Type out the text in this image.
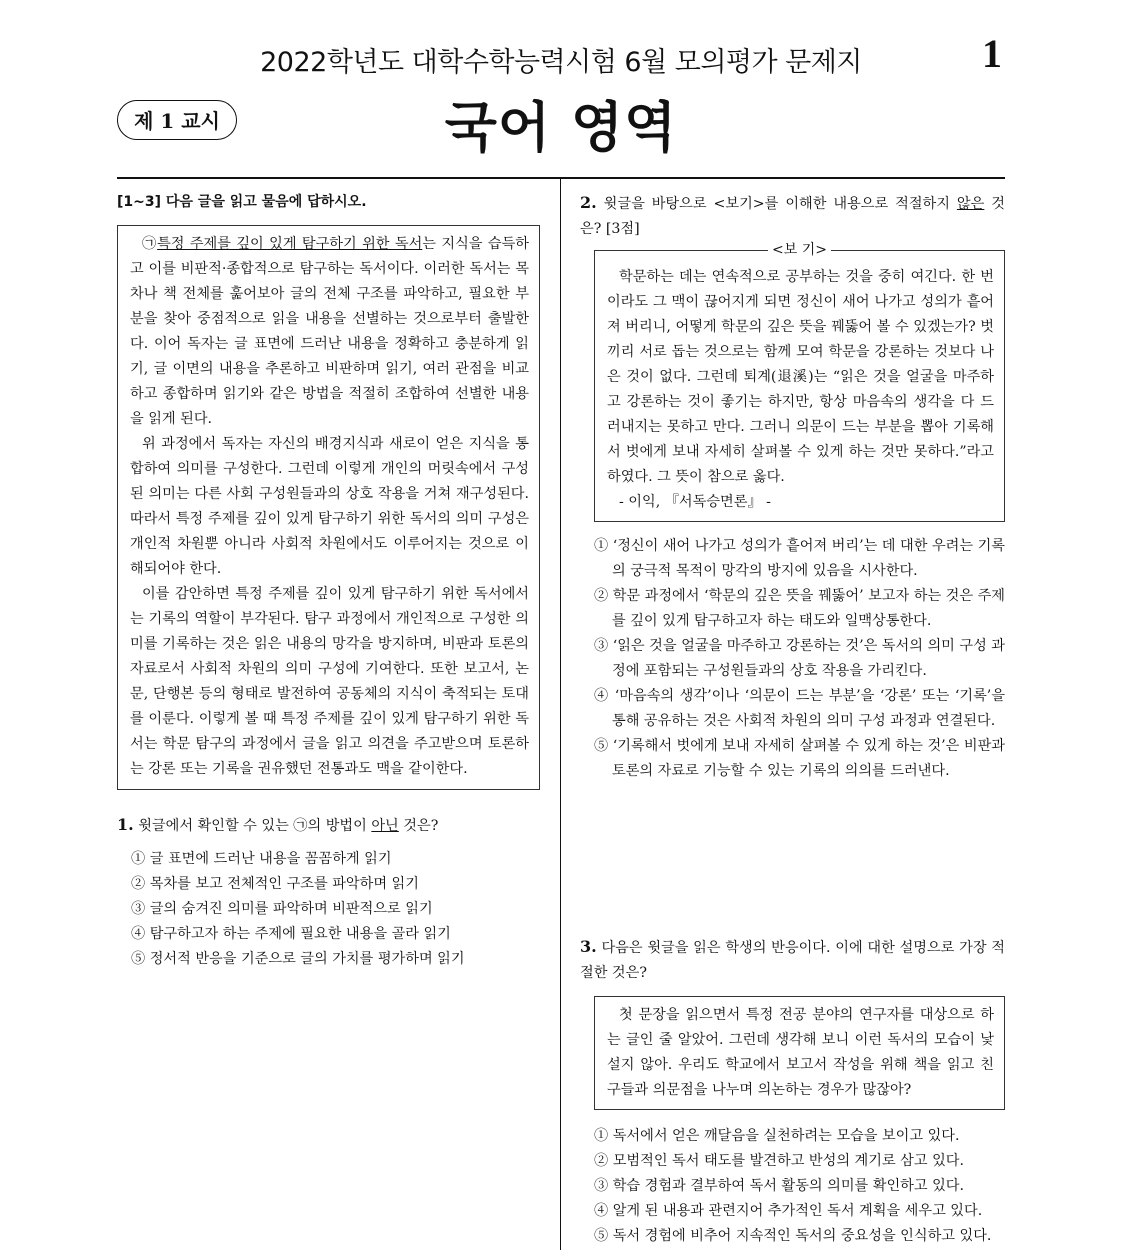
2022학년도 대학수학능력시험 6월 모의평가 문제지	1
제 1 교시	국어 영역

[1~3] 다음 글을 읽고 물음에 답하시오.

㉠특정 주제를 깊이 있게 탐구하기 위한 독서는 지식을 습득하고 이를 비판적·종합적으로 탐구하는 독서이다. 이러한 독서는 목차나 책 전체를 훑어보아 글의 전체 구조를 파악하고, 필요한 부분을 찾아 중점적으로 읽을 내용을 선별하는 것으로부터 출발한다. 이어 독자는 글 표면에 드러난 내용을 정확하고 충분하게 읽기, 글 이면의 내용을 추론하고 비판하며 읽기, 여러 관점을 비교하고 종합하며 읽기와 같은 방법을 적절히 조합하여 선별한 내용을 읽게 된다.

위 과정에서 독자는 자신의 배경지식과 새로이 얻은 지식을 통합하여 의미를 구성한다. 그런데 이렇게 개인의 머릿속에서 구성된 의미는 다른 사회 구성원들과의 상호 작용을 거쳐 재구성된다. 따라서 특정 주제를 깊이 있게 탐구하기 위한 독서의 의미 구성은 개인적 차원뿐 아니라 사회적 차원에서도 이루어지는 것으로 이해되어야 한다.

이를 감안하면 특정 주제를 깊이 있게 탐구하기 위한 독서에서는 기록의 역할이 부각된다. 탐구 과정에서 개인적으로 구성한 의미를 기록하는 것은 읽은 내용의 망각을 방지하며, 비판과 토론의 자료로서 사회적 차원의 의미 구성에 기여한다. 또한 보고서, 논문, 단행본 등의 형태로 발전하여 공동체의 지식이 축적되는 토대를 이룬다. 이렇게 볼 때 특정 주제를 깊이 있게 탐구하기 위한 독서는 학문 탐구의 과정에서 글을 읽고 의견을 주고받으며 토론하는 강론 또는 기록을 권유했던 전통과도 맥을 같이한다.

1. 윗글에서 확인할 수 있는 ㉠의 방법이 아닌 것은?

① 글 표면에 드러난 내용을 꼼꼼하게 읽기
② 목차를 보고 전체적인 구조를 파악하며 읽기
③ 글의 숨겨진 의미를 파악하며 비판적으로 읽기
④ 탐구하고자 하는 주제에 필요한 내용을 골라 읽기
⑤ 정서적 반응을 기준으로 글의 가치를 평가하며 읽기

2. 윗글을 바탕으로 <보기>를 이해한 내용으로 적절하지 않은 것은? [3점]

<보 기>

학문하는 데는 연속적으로 공부하는 것을 중히 여긴다. 한 번이라도 그 맥이 끊어지게 되면 정신이 새어 나가고 성의가 흩어져 버리니, 어떻게 학문의 깊은 뜻을 꿰뚫어 볼 수 있겠는가? 벗끼리 서로 돕는 것으로는 함께 모여 학문을 강론하는 것보다 나은 것이 없다. 그런데 퇴계(退溪)는 “읽은 것을 얼굴을 마주하고 강론하는 것이 좋기는 하지만, 항상 마음속의 생각을 다 드러내지는 못하고 만다. 그러니 의문이 드는 부분을 뽑아 기록해서 벗에게 보내 자세히 살펴볼 수 있게 하는 것만 못하다.”라고 하였다. 그 뜻이 참으로 옳다.

- 이익, 『서독승면론』 -

① ‘정신이 새어 나가고 성의가 흩어져 버리’는 데 대한 우려는 기록의 궁극적 목적이 망각의 방지에 있음을 시사한다.
② 학문 과정에서 ‘학문의 깊은 뜻을 꿰뚫어’ 보고자 하는 것은 주제를 깊이 있게 탐구하고자 하는 태도와 일맥상통한다.
③ ‘읽은 것을 얼굴을 마주하고 강론하는 것’은 독서의 의미 구성 과정에 포함되는 구성원들과의 상호 작용을 가리킨다.
④ ‘마음속의 생각’이나 ‘의문이 드는 부분’을 ‘강론’ 또는 ‘기록’을 통해 공유하는 것은 사회적 차원의 의미 구성 과정과 연결된다.
⑤ ‘기록해서 벗에게 보내 자세히 살펴볼 수 있게 하는 것’은 비판과 토론의 자료로 기능할 수 있는 기록의 의의를 드러낸다.

3. 다음은 윗글을 읽은 학생의 반응이다. 이에 대한 설명으로 가장 적절한 것은?

첫 문장을 읽으면서 특정 전공 분야의 연구자를 대상으로 하는 글인 줄 알았어. 그런데 생각해 보니 이런 독서의 모습이 낯설지 않아. 우리도 학교에서 보고서 작성을 위해 책을 읽고 친구들과 의문점을 나누며 의논하는 경우가 많잖아?

① 독서에서 얻은 깨달음을 실천하려는 모습을 보이고 있다.
② 모범적인 독서 태도를 발견하고 반성의 계기로 삼고 있다.
③ 학습 경험과 결부하여 독서 활동의 의미를 확인하고 있다.
④ 알게 된 내용과 관련지어 추가적인 독서 계획을 세우고 있다.
⑤ 독서 경험에 비추어 지속적인 독서의 중요성을 인식하고 있다.
